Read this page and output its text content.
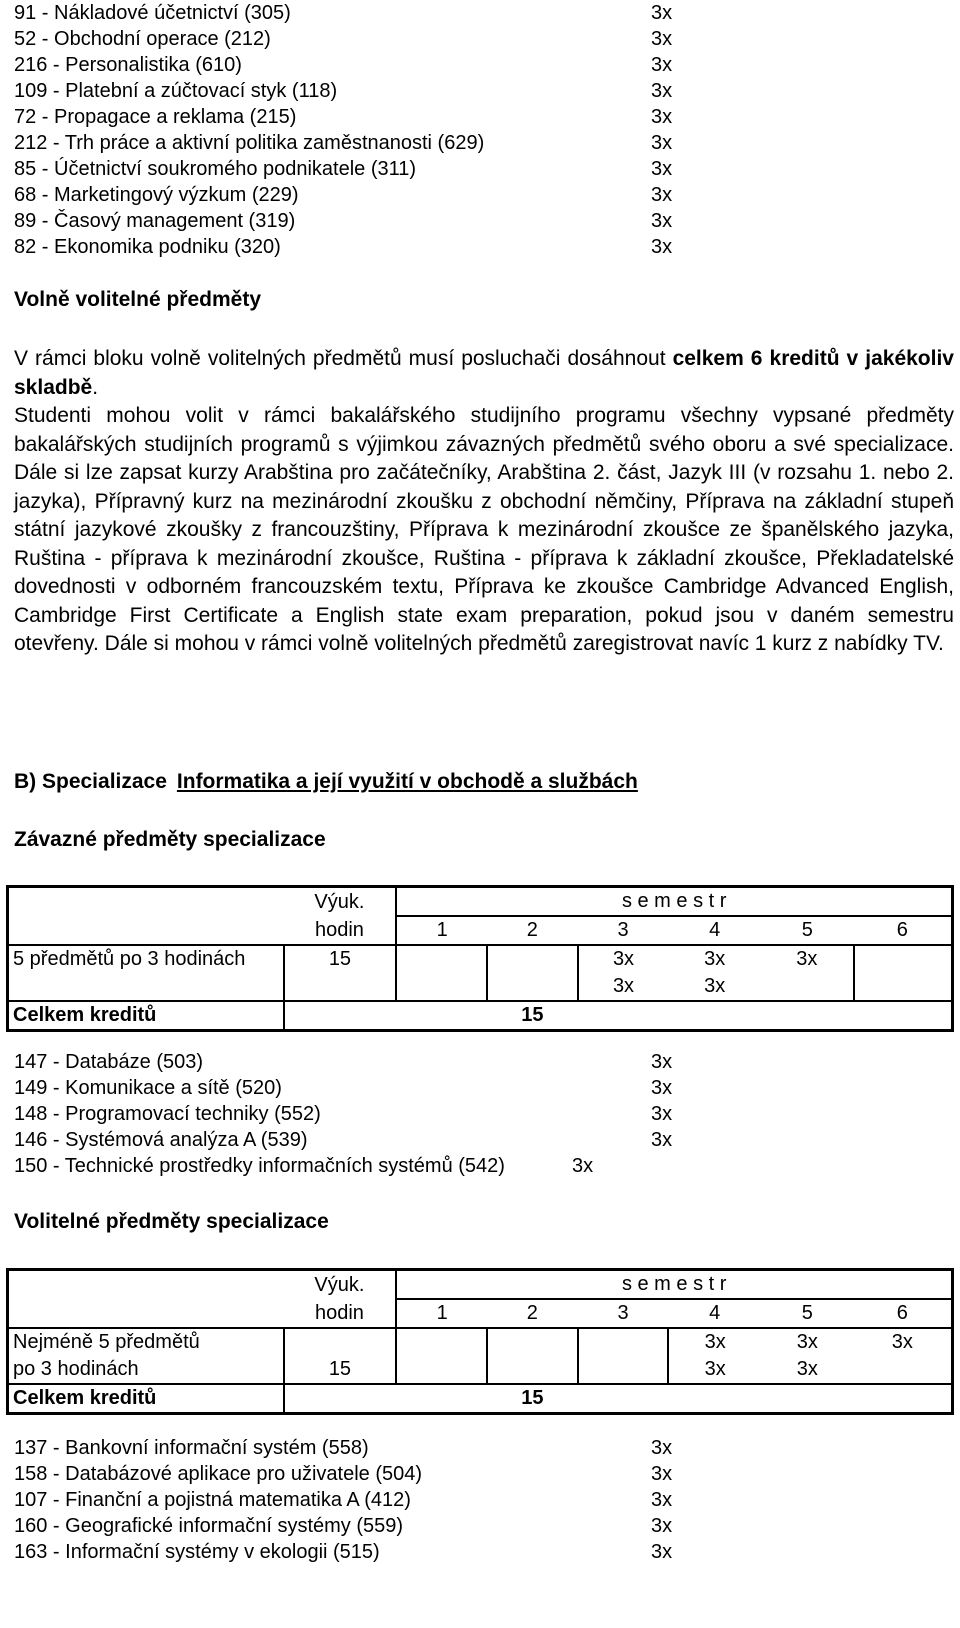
91 - Nákladové účetnictví (305)	3x
52 - Obchodní operace (212)	3x
216 - Personalistika (610)	3x
109 - Platební a zúčtovací styk (118)	3x
72 - Propagace a reklama (215)	3x
212 - Trh práce a aktivní politika zaměstnanosti (629)	3x
85 - Účetnictví soukromého podnikatele (311)	3x
68 - Marketingový výzkum (229)	3x
89 - Časový management (319)	3x
82 - Ekonomika podniku (320)	3x
Volně volitelné předměty
V rámci bloku volně volitelných předmětů musí posluchači dosáhnout celkem 6 kreditů v jakékoliv skladbě.
Studenti mohou volit v rámci bakalářského studijního programu všechny vypsané předměty bakalářských studijních programů s výjimkou závazných předmětů svého oboru a své specializace. Dále si lze zapsat kurzy Arabština pro začátečníky, Arabština 2. část, Jazyk III (v rozsahu 1. nebo 2. jazyka), Přípravný kurz na mezinárodní zkoušku z obchodní němčiny, Příprava na základní stupeň státní jazykové zkoušky z francouzštiny, Příprava k mezinárodní zkoušce ze španělského jazyka, Ruština - příprava k mezinárodní zkoušce, Ruština - příprava k základní zkoušce, Překladatelské dovednosti v odborném francouzském textu, Příprava ke zkoušce Cambridge Advanced English, Cambridge First Certificate a English state exam preparation, pokud jsou v daném semestru otevřeny. Dále si mohou v rámci volně volitelných předmětů zaregistrovat navíc 1 kurz z nabídky TV.
B) Specializace Informatika a její využití v obchodě a službách
Závazné předměty specializace
	Výuk.	s e m e s t r					
	hodin	1	2	3	4	5	6
5 předmětů po 3 hodinách	15			3x	3x	3x	
				3x	3x		
Celkem kreditů		15					
147 - Databáze (503)	3x
149 - Komunikace a sítě (520)	3x
148 - Programovací techniky (552)	3x
146 - Systémová analýza A (539)	3x
150 - Technické prostředky informačních systémů (542)	3x
Volitelné předměty specializace
	Výuk.	s e m e s t r					
	hodin	1	2	3	4	5	6
Nejméně 5 předmětů					3x	3x	3x
po 3 hodinách	15				3x	3x	
Celkem kreditů		15					
137 - Bankovní informační systém (558)	3x
158 - Databázové aplikace pro uživatele (504)	3x
107 - Finanční a pojistná matematika A (412)	3x
160 - Geografické informační systémy (559)	3x
163 - Informační systémy v ekologii (515)	3x
